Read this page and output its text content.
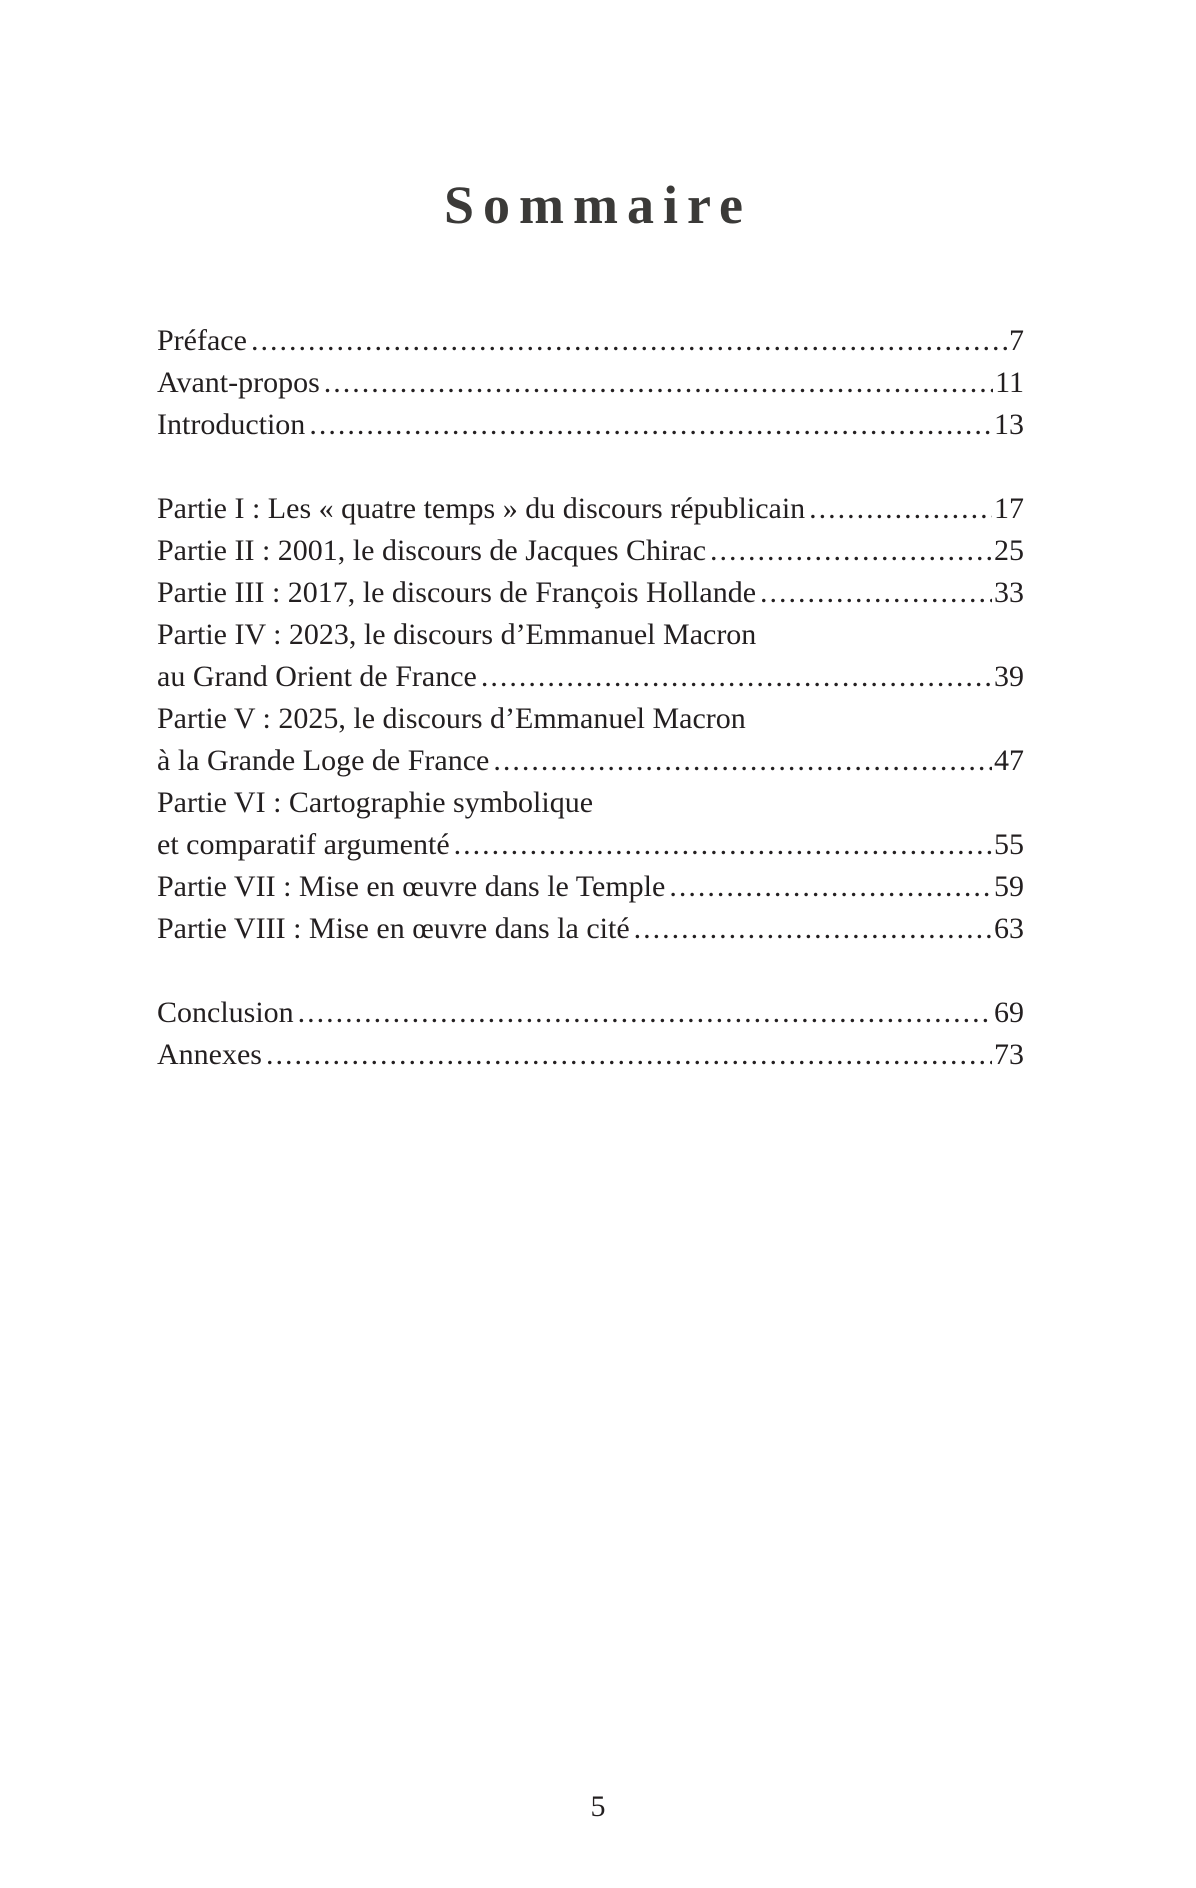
Sommaire
Préface .....	7
Avant-propos .....	11
Introduction .....	13
Partie I : Les « quatre temps » du discours républicain .....	17
Partie II : 2001, le discours de Jacques Chirac .....	25
Partie III : 2017, le discours de François Hollande .....	33
Partie IV : 2023, le discours d’Emmanuel Macron
au Grand Orient de France .....	39
Partie V : 2025, le discours d’Emmanuel Macron
à la Grande Loge de France .....	47
Partie VI : Cartographie symbolique
et comparatif argumenté .....	55
Partie VII : Mise en œuvre dans le Temple .....	59
Partie VIII : Mise en œuvre dans la cité .....	63
Conclusion .....	69
Annexes .....	73
5
